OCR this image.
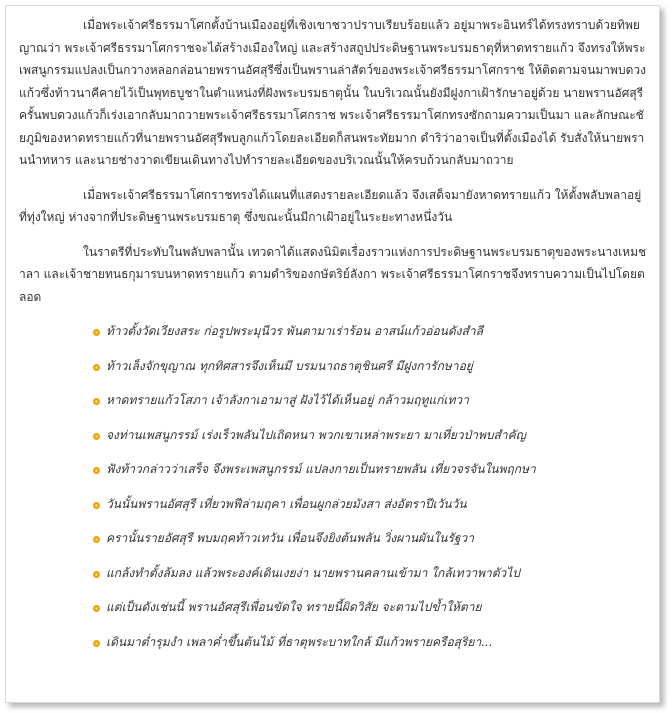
เมื่อพระเจ้าศรีธรรมาโศกตั้งบ้านเมืองอยู่ที่เชิงเขาชวาปราบเรียบร้อยแล้ว อยู่มาพระอินทร์ได้ทรงทราบด้วยทิพยญาณว่า พระเจ้าศรีธรรมาโศกราชจะได้สร้างเมืองใหญ่ และสร้างสถูปประดิษฐานพระบรมธาตุที่หาดทรายแก้ว จึงทรงให้พระเพสนูกรรมแปลงเป็นกวางหลอกล่อนายพรานอัศสุรีซึ่งเป็นพรานล่าสัตว์ของพระเจ้าศรีธรรมาโศกราช ให้ติดตามจนมาพบดวงแก้วซึ่งท้าวนาคีคายไว้เป็นพุทธบูชาในตำแหน่งที่ฝังพระบรมธาตุนั้น ในบริเวณนั้นยังมีฝูงกาเฝ้ารักษาอยู่ด้วย นายพรานอัศสุรีครั้นพบดวงแก้วก็เร่งเอากลับมาถวายพระเจ้าศรีธรรมาโศกราช พระเจ้าศรีธรรมาโศกทรงซักถามความเป็นมา และลักษณะชัยภูมิของหาดทรายแก้วที่นายพรานอัศสุรีพบลูกแก้วโดยละเอียดก็สนพระทัยมาก ดำริว่าอาจเป็นที่ตั้งเมืองได้ รับสั่งให้นายพรานนำทหาร และนายช่างวาดเขียนเดินทางไปทำรายละเอียดของบริเวณนั้นให้ครบถ้วนกลับมาถวาย

เมื่อพระเจ้าศรีธรรมาโศกราชทรงได้แผนที่แสดงรายละเอียดแล้ว จึงเสด็จมายังหาดทรายแก้ว ให้ตั้งพลับพลาอยู่ที่ทุ่งใหญ่ ห่างจากที่ประดิษฐานพระบรมธาตุ ซึ่งขณะนั้นมีกาเฝ้าอยู่ในระยะทางหนึ่งวัน

ในราตรีที่ประทับในพลับพลานั้น เทวดาได้แสดงนิมิตเรื่องราวแห่งการประดิษฐานพระบรมธาตุของพระนางเหมชาลา และเจ้าชายทนธกุมารบนหาดทรายแก้ว ตามดำริของกษัตริย์ลังกา พระเจ้าศรีธรรมาโศกราชจึงทราบความเป็นไปโดยตลอด

ท้าวตั้งวัดเวียงสระ ก่อรูปพระมุนีวร พันตามาเร่าร้อน อาสน์แก้วอ่อนดังสำลี
ท้าวเล็งจักขุญาณ ทุกทิศสารจึงเห็นมี บรมนาถธาตุชินศรี มีฝูงการักษาอยู่
หาดทรายแก้วโสภา เจ้าลังกาเอามาสู่ ฝังไว้ได้เห็นอยู่ กล้าวมฤทูแก่เทวา
จงท่านเพสนูกรรม์ เร่งเร็วพลันไปเถิดหนา พวกเขาเหล่าพระยา มาเที่ยวป่าพบสำคัญ
ฟังท้าวกล่าวว่าเสร็จ จึงพระเพสนูกรรม์ แปลงกายเป็นทรายพลัน เที่ยวจรจันในพฤกษา
วันนั้นพรานอัศสุรี เที่ยวพฟีล่ามฤคา เพื่อนผูกล่วยมังสา ส่งอัตราปีเวันวัน
ครานั้นรายอัศสุรี พบมฤคท้าวเทวัน เพื่อนจึงยิงต้นพลัน วิ่งผานผันในรัฐวา
แกล้งทำตั้งล้มลง แล้วพระองค์เดินเงยง่า นายพรานคลานเข้ามา ใกล้เทวาพาตัวไป
แต่เป็นดังเช่นนี้ พรานอัศสุรีเพื่อนขัดใจ ทรายนี้ผิดวิสัย จะตามไปข้ำให้ตาย
เดินมาต่ำรุมงำ เพลาค่ำขึ้นต้นไม้ ที่ธาตุพระบาทใกล้ มีแก้วพรายครือสุริยา...
